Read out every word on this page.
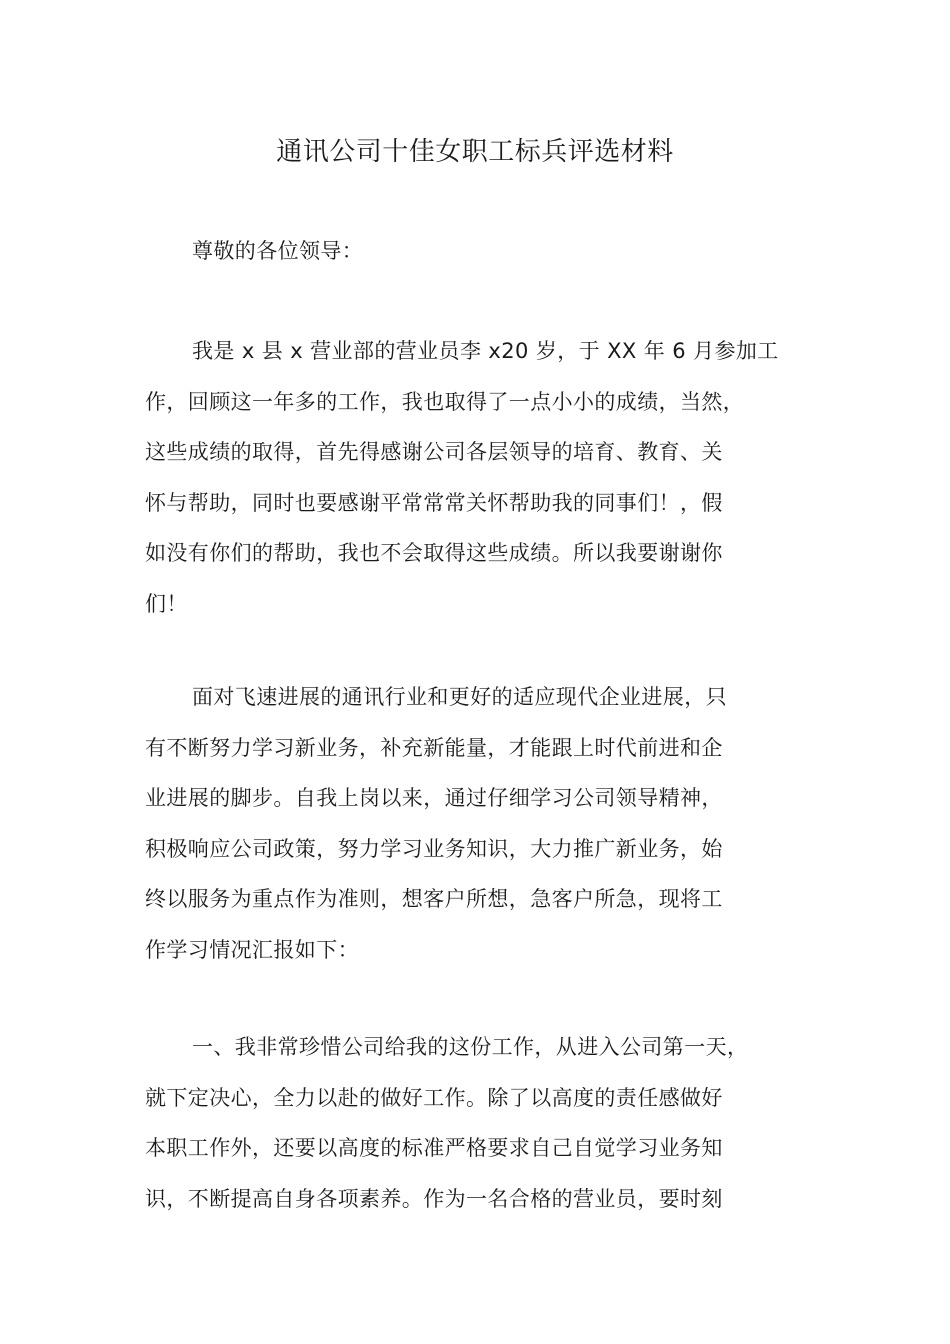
通讯公司十佳女职工标兵评选材料
尊敬的各位领导：
我是 x 县 x 营业部的营业员李 x20 岁，于 XX 年 6 月参加工
作，回顾这一年多的工作，我也取得了一点小小的成绩，当然，
这些成绩的取得，首先得感谢公司各层领导的培育、教育、关
怀与帮助，同时也要感谢平常常常关怀帮助我的同事们！，假
如没有你们的帮助，我也不会取得这些成绩。所以我要谢谢你
们！
面对飞速进展的通讯行业和更好的适应现代企业进展，只
有不断努力学习新业务，补充新能量，才能跟上时代前进和企
业进展的脚步。自我上岗以来，通过仔细学习公司领导精神，
积极响应公司政策，努力学习业务知识，大力推广新业务，始
终以服务为重点作为准则，想客户所想，急客户所急，现将工
作学习情况汇报如下：
一、我非常珍惜公司给我的这份工作，从进入公司第一天，
就下定决心，全力以赴的做好工作。除了以高度的责任感做好
本职工作外，还要以高度的标准严格要求自己自觉学习业务知
识，不断提高自身各项素养。作为一名合格的营业员，要时刻
